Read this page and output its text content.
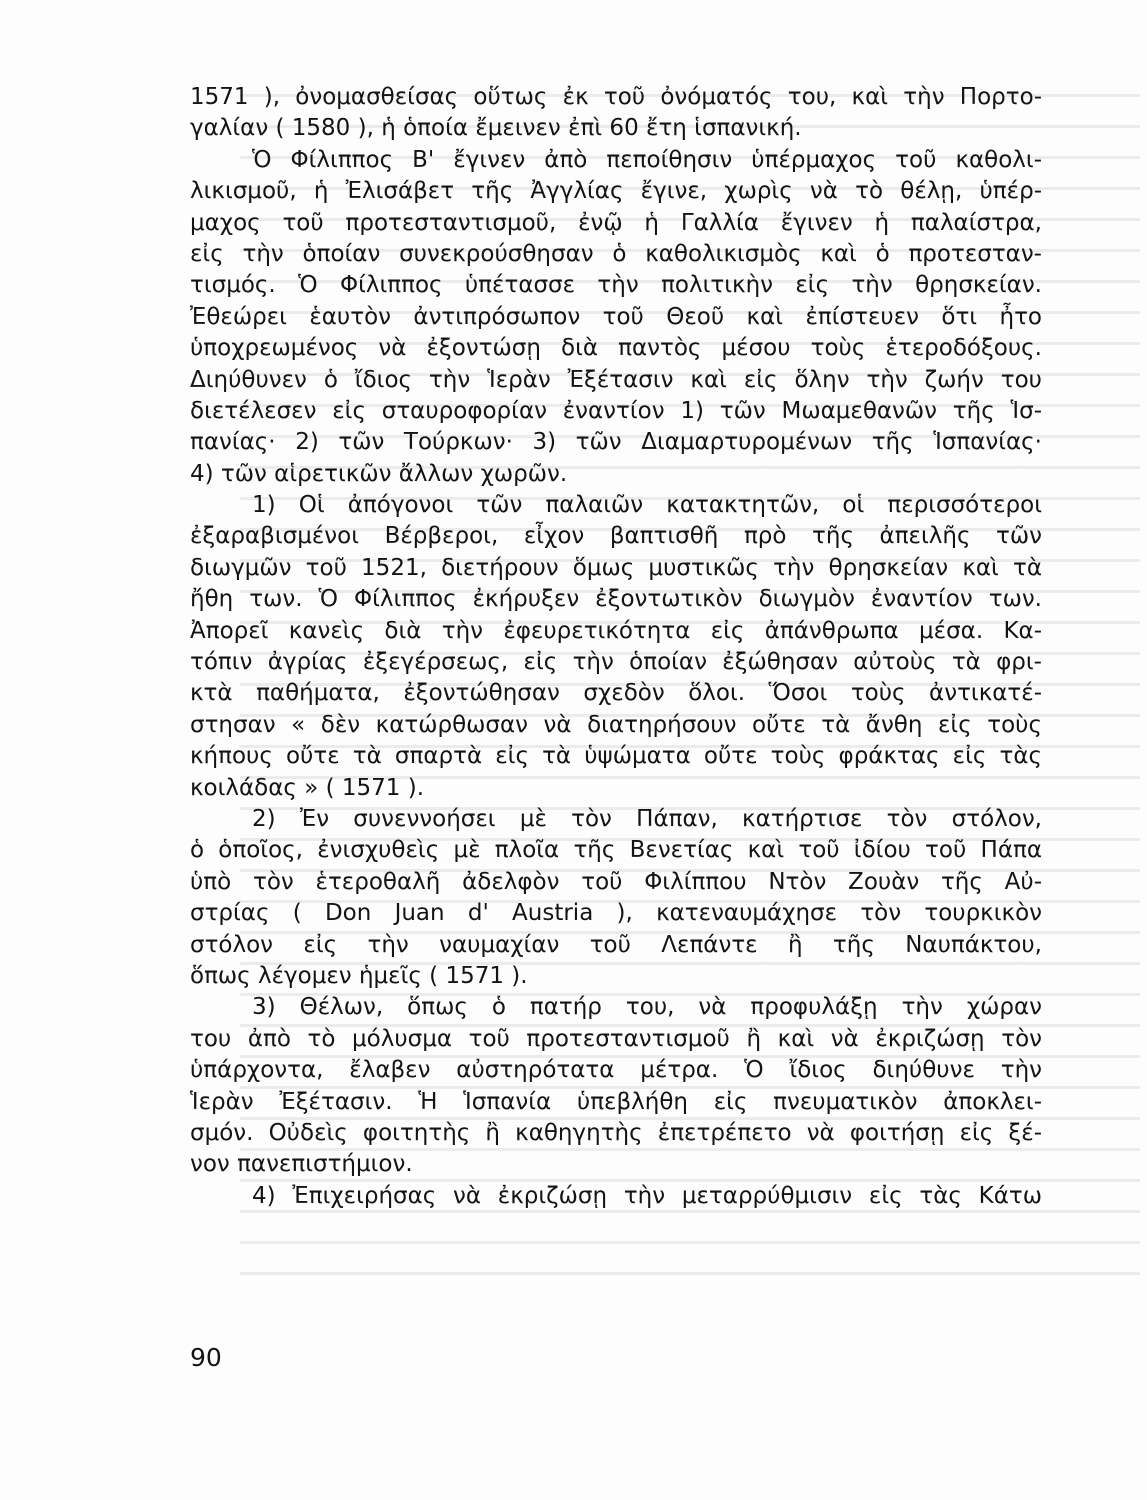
1571 ), ὀνομασθείσας οὕτως ἐκ τοῦ ὀνόματός του, καὶ τὴν Πορτο-
γαλίαν ( 1580 ), ἡ ὁποία ἔμεινεν ἐπὶ 60 ἔτη ἱσπανική.
Ὁ Φίλιππος Β' ἔγινεν ἀπὸ πεποίθησιν ὑπέρμαχος τοῦ καθολι-
λικισμοῦ, ἡ Ἐλισάβετ τῆς Ἀγγλίας ἔγινε, χωρὶς νὰ τὸ θέλῃ, ὑπέρ-
μαχος τοῦ προτεσταντισμοῦ, ἐνῷ ἡ Γαλλία ἔγινεν ἡ παλαίστρα,
εἰς τὴν ὁποίαν συνεκρούσθησαν ὁ καθολικισμὸς καὶ ὁ προτεσταν-
τισμός. Ὁ Φίλιππος ὑπέτασσε τὴν πολιτικὴν εἰς τὴν θρησκείαν.
Ἐθεώρει ἑαυτὸν ἀντιπρόσωπον τοῦ Θεοῦ καὶ ἐπίστευεν ὅτι ἦτο
ὑποχρεωμένος νὰ ἐξοντώσῃ διὰ παντὸς μέσου τοὺς ἑτεροδόξους.
Διηύθυνεν ὁ ἴδιος τὴν Ἱερὰν Ἐξέτασιν καὶ εἰς ὅλην τὴν ζωήν του
διετέλεσεν εἰς σταυροφορίαν ἐναντίον 1) τῶν Μωαμεθανῶν τῆς Ἱσ-
πανίας· 2) τῶν Τούρκων· 3) τῶν Διαμαρτυρομένων τῆς Ἱσπανίας·
4) τῶν αἱρετικῶν ἄλλων χωρῶν.
1) Οἱ ἀπόγονοι τῶν παλαιῶν κατακτητῶν, οἱ περισσότεροι
ἐξαραβισμένοι Βέρβεροι, εἶχον βαπτισθῆ πρὸ τῆς ἀπειλῆς τῶν
διωγμῶν τοῦ 1521, διετήρουν ὅμως μυστικῶς τὴν θρησκείαν καὶ τὰ
ἤθη των. Ὁ Φίλιππος ἐκήρυξεν ἐξοντωτικὸν διωγμὸν ἐναντίον των.
Ἀπορεῖ κανεὶς διὰ τὴν ἐφευρετικότητα εἰς ἀπάνθρωπα μέσα. Κα-
τόπιν ἀγρίας ἐξεγέρσεως, εἰς τὴν ὁποίαν ἐξώθησαν αὐτοὺς τὰ φρι-
κτὰ παθήματα, ἐξοντώθησαν σχεδὸν ὅλοι. Ὅσοι τοὺς ἀντικατέ-
στησαν « δὲν κατώρθωσαν νὰ διατηρήσουν οὔτε τὰ ἄνθη εἰς τοὺς
κήπους οὔτε τὰ σπαρτὰ εἰς τὰ ὑψώματα οὔτε τοὺς φράκτας εἰς τὰς
κοιλάδας » ( 1571 ).
2) Ἐν συνεννοήσει μὲ τὸν Πάπαν, κατήρτισε τὸν στόλον,
ὁ ὁποῖος, ἐνισχυθεὶς μὲ πλοῖα τῆς Βενετίας καὶ τοῦ ἰδίου τοῦ Πάπα
ὑπὸ τὸν ἑτεροθαλῆ ἀδελφὸν τοῦ Φιλίππου Ντὸν Ζουὰν τῆς Αὐ-
στρίας ( Don Juan d' Austria ), κατεναυμάχησε τὸν τουρκικὸν
στόλον εἰς τὴν ναυμαχίαν τοῦ Λεπάντε ἢ τῆς Ναυπάκτου,
ὅπως λέγομεν ἡμεῖς ( 1571 ).
3) Θέλων, ὅπως ὁ πατήρ του, νὰ προφυλάξῃ τὴν χώραν
του ἀπὸ τὸ μόλυσμα τοῦ προτεσταντισμοῦ ἢ καὶ νὰ ἐκριζώσῃ τὸν
ὑπάρχοντα, ἔλαβεν αὐστηρότατα μέτρα. Ὁ ἴδιος διηύθυνε τὴν
Ἱερὰν Ἐξέτασιν. Ἡ Ἱσπανία ὑπεβλήθη εἰς πνευματικὸν ἀποκλει-
σμόν. Οὐδεὶς φοιτητὴς ἢ καθηγητὴς ἐπετρέπετο νὰ φοιτήσῃ εἰς ξέ-
νον πανεπιστήμιον.
4) Ἐπιχειρήσας νὰ ἐκριζώσῃ τὴν μεταρρύθμισιν εἰς τὰς Κάτω
90
